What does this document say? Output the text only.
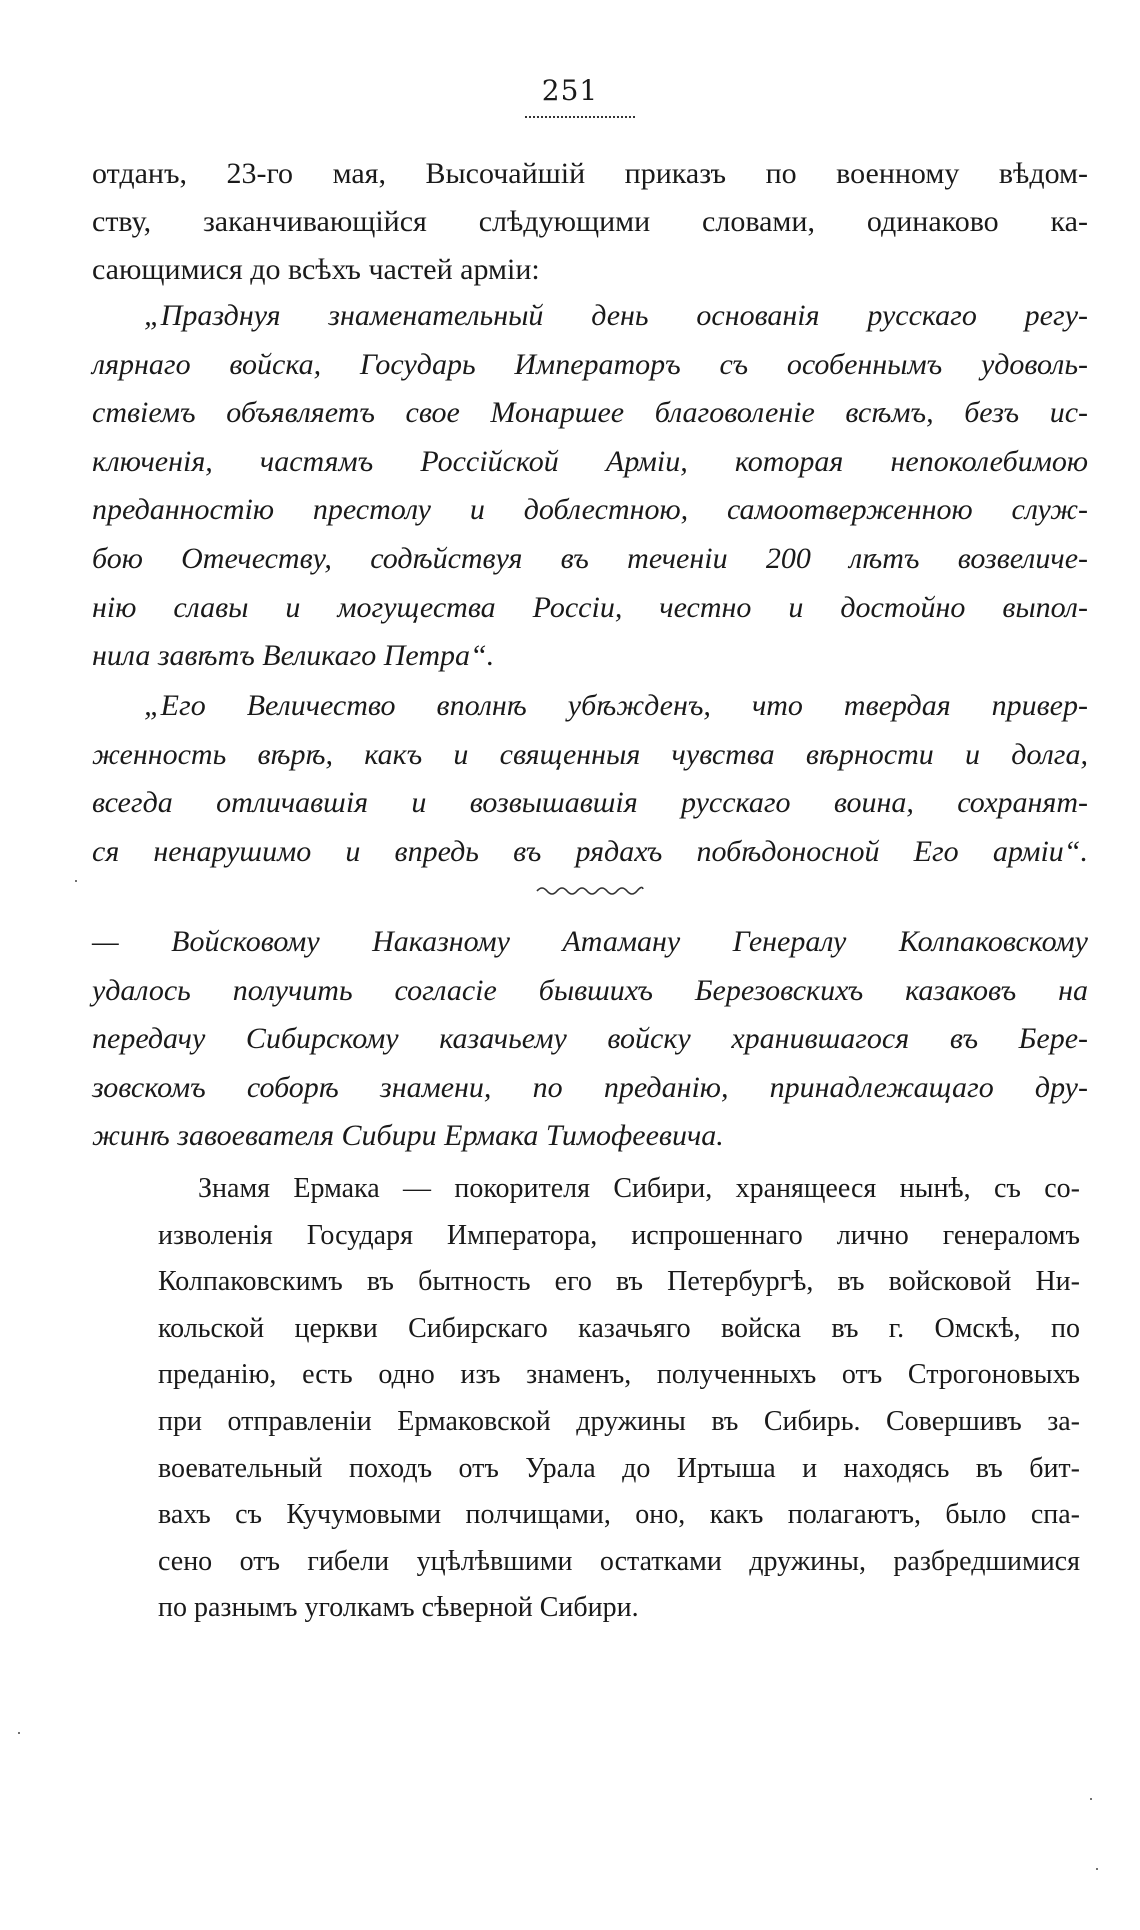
251
отданъ, 23-го мая, Высочайшій приказъ по военному вѣдом-
ству, заканчивающійся слѣдующими словами, одинаково ка-
сающимися до всѣхъ частей арміи:
„Празднуя знаменательный день основанія русскаго регу-
лярнаго войска, Государь Императоръ съ особеннымъ удоволь-
ствіемъ объявляетъ свое Монаршее благоволеніе всѣмъ, безъ ис-
ключенія, частямъ Россійской Арміи, которая непоколебимою
преданностію престолу и доблестною, самоотверженною служ-
бою Отечеству, содѣйствуя въ теченіи 200 лѣтъ возвеличе-
нію славы и могущества Россіи, честно и достойно выпол-
нила завѣтъ Великаго Петра“.
„Его Величество вполнѣ убѣжденъ, что твердая привер-
женность вѣрѣ, какъ и священныя чувства вѣрности и долга,
всегда отличавшія и возвышавшія русскаго воина, сохранят-
ся ненарушимо и впредь въ рядахъ побѣдоносной Его арміи“.
— Войсковому Наказному Атаману Генералу Колпаковскому
удалось получить согласіе бывшихъ Березовскихъ казаковъ на
передачу Сибирскому казачьему войску хранившагося въ Бере-
зовскомъ соборѣ знамени, по преданію, принадлежащаго дру-
жинѣ завоевателя Сибири Ермака Тимофеевича.
Знамя Ермака — покорителя Сибири, хранящееся нынѣ, съ со-
изволенія Государя Императора, испрошеннаго лично генераломъ
Колпаковскимъ въ бытность его въ Петербургѣ, въ войсковой Ни-
кольской церкви Сибирскаго казачьяго войска въ г. Омскѣ, по
преданію, есть одно изъ знаменъ, полученныхъ отъ Строгоновыхъ
при отправленіи Ермаковской дружины въ Сибирь. Совершивъ за-
воевательный походъ отъ Урала до Иртыша и находясь въ бит-
вахъ съ Кучумовыми полчищами, оно, какъ полагаютъ, было спа-
сено отъ гибели уцѣлѣвшими остатками дружины, разбредшимися
по разнымъ уголкамъ сѣверной Сибири.
